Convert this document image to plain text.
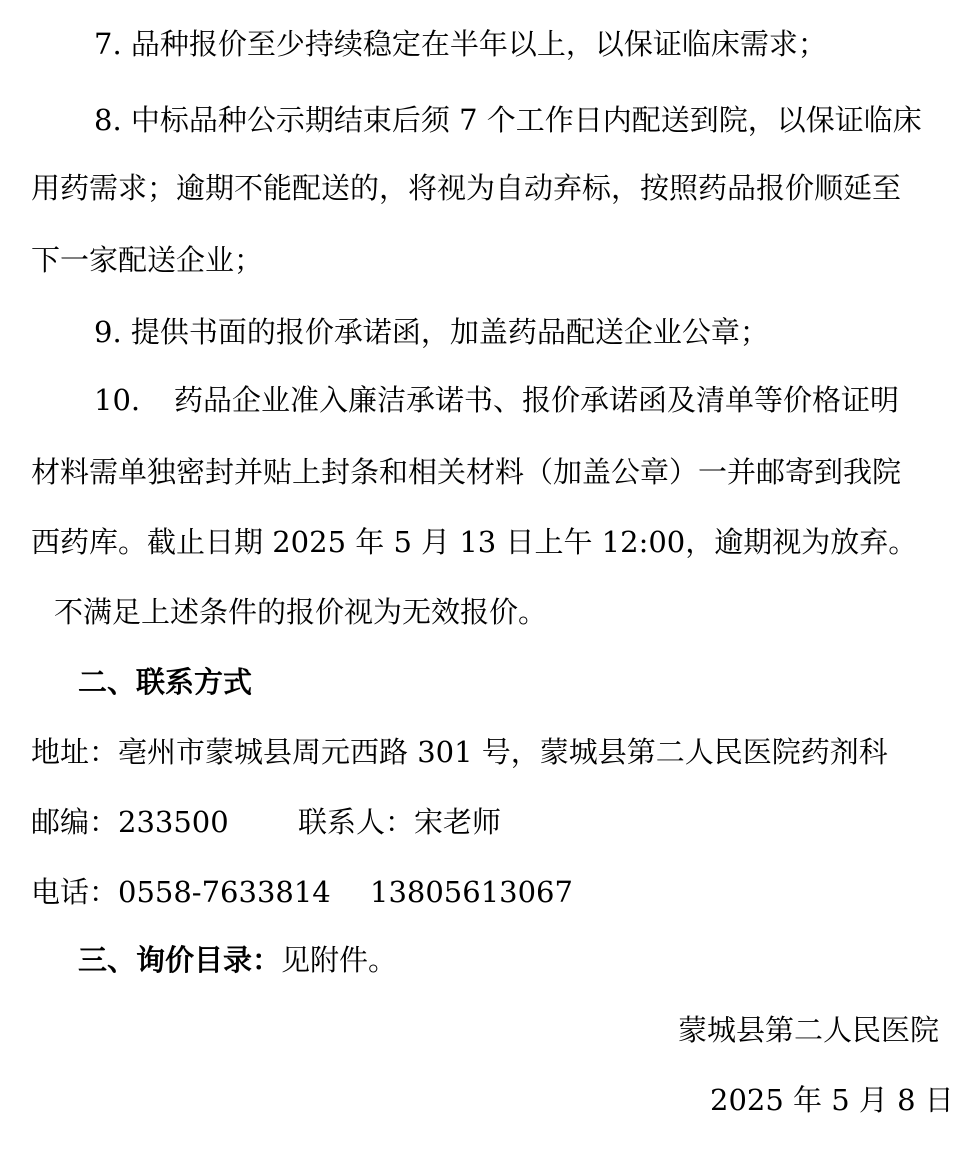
7. 品种报价至少持续稳定在半年以上，以保证临床需求；
8. 中标品种公示期结束后须 7 个工作日内配送到院，以保证临床
用药需求；逾期不能配送的，将视为自动弃标，按照药品报价顺延至
下一家配送企业；
9. 提供书面的报价承诺函，加盖药品配送企业公章；
10. 药品企业准入廉洁承诺书、报价承诺函及清单等价格证明
材料需单独密封并贴上封条和相关材料（加盖公章）一并邮寄到我院
西药库。截止日期 2025 年 5 月 13 日上午 12:00，逾期视为放弃。
不满足上述条件的报价视为无效报价。
二、联系方式
地址：亳州市蒙城县周元西路 301 号，蒙城县第二人民医院药剂科
邮编：233500 联系人：宋老师
电话：0558-7633814 13805613067
三、询价目录：见附件。
蒙城县第二人民医院
2025 年 5 月 8 日
